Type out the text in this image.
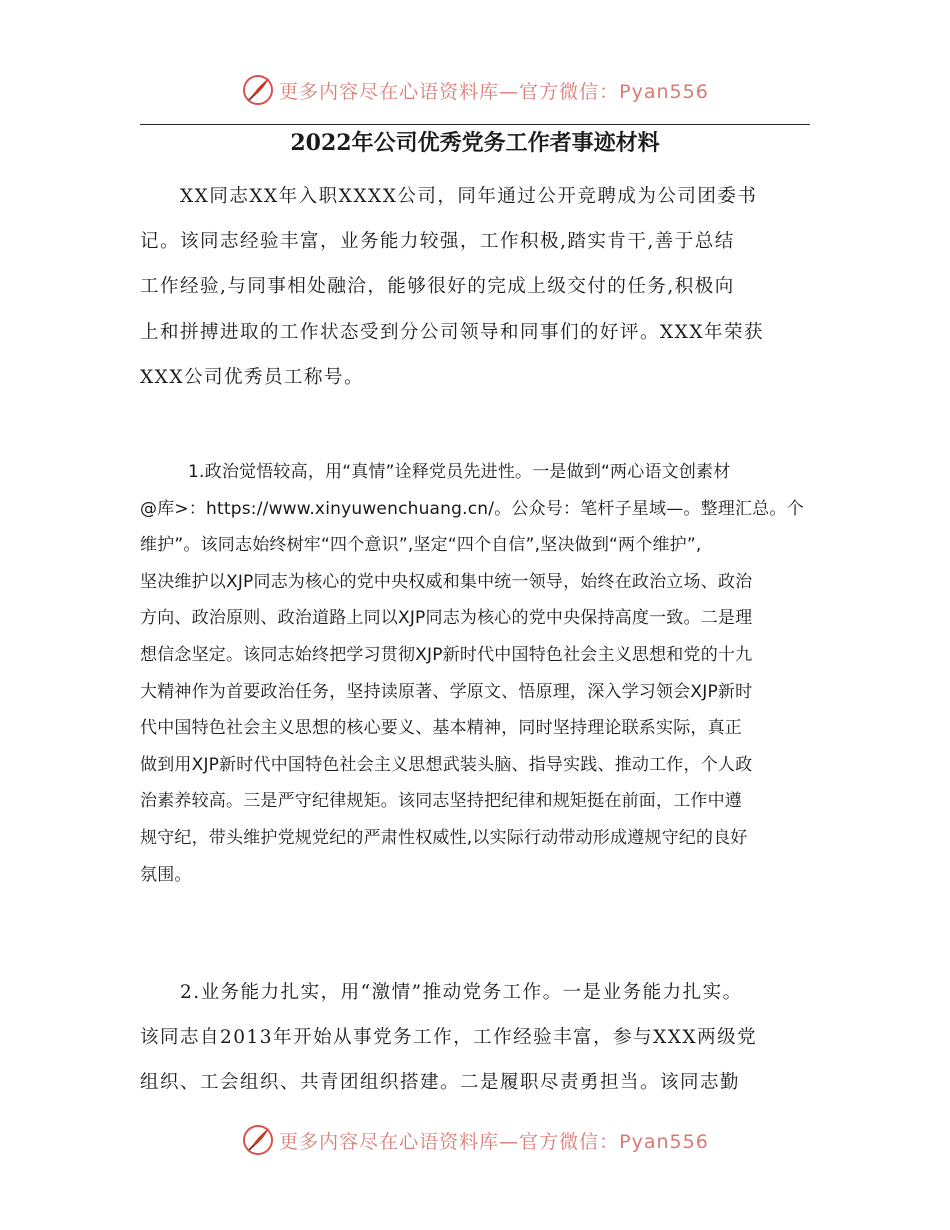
更多内容尽在心语资料库—官方微信：Pyan556
2022年公司优秀党务工作者事迹材料

XX同志XX年入职XXXX公司，同年通过公开竞聘成为公司团委书
记。该同志经验丰富，业务能力较强，工作积极,踏实肯干,善于总结
工作经验,与同事相处融洽，能够很好的完成上级交付的任务,积极向
上和拼搏进取的工作状态受到分公司领导和同事们的好评。XXX年荣获
XXX公司优秀员工称号。

1.政治觉悟较高，用“真情”诠释党员先进性。一是做到“两心语文创素材
@库>：https://www.xinyuwenchuang.cn/。公众号：笔杆子星域—。整理汇总。个
维护”。该同志始终树牢“四个意识”,坚定“四个自信”,坚决做到“两个维护”,
坚决维护以XJP同志为核心的党中央权威和集中统一领导，始终在政治立场、政治
方向、政治原则、政治道路上同以XJP同志为核心的党中央保持高度一致。二是理
想信念坚定。该同志始终把学习贯彻XJP新时代中国特色社会主义思想和党的十九
大精神作为首要政治任务，坚持读原著、学原文、悟原理，深入学习领会XJP新时
代中国特色社会主义思想的核心要义、基本精神，同时坚持理论联系实际，真正
做到用XJP新时代中国特色社会主义思想武装头脑、指导实践、推动工作，个人政
治素养较高。三是严守纪律规矩。该同志坚持把纪律和规矩挺在前面，工作中遵
规守纪，带头维护党规党纪的严肃性权威性,以实际行动带动形成遵规守纪的良好
氛围。

2.业务能力扎实，用“激情”推动党务工作。一是业务能力扎实。
该同志自2013年开始从事党务工作，工作经验丰富，参与XXX两级党
组织、工会组织、共青团组织搭建。二是履职尽责勇担当。该同志勤

更多内容尽在心语资料库—官方微信：Pyan556
